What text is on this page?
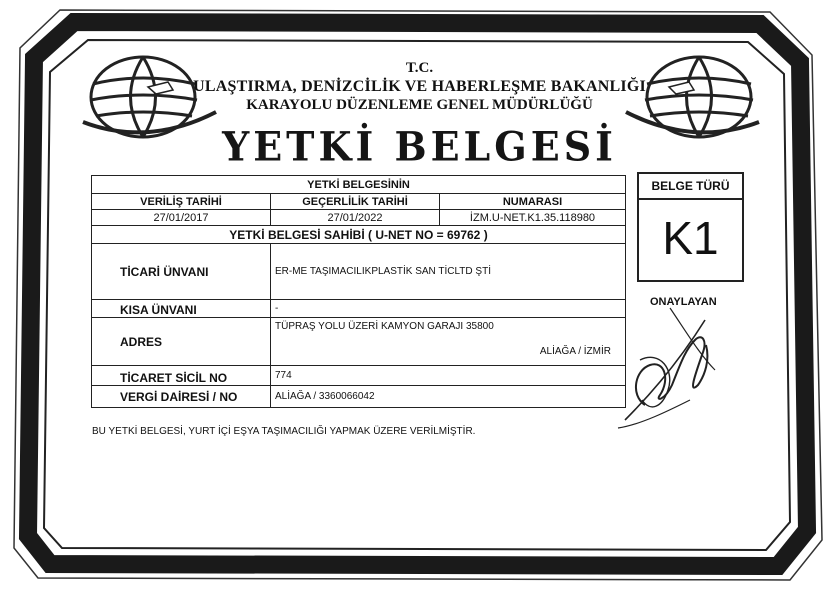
T.C.
ULAŞTIRMA, DENİZCİLİK VE HABERLEŞME BAKANLIĞI
KARAYOLU DÜZENLEME GENEL MÜDÜRLÜĞÜ
YETKİ BELGESİ
YETKİ BELGESİNİN		
VERİLİŞ TARİHİ	GEÇERLİLİK TARİHİ	NUMARASI
27/01/2017	27/01/2022	İZM.U-NET.K1.35.118980
YETKİ BELGESİ SAHİBİ ( U-NET NO = 69762 )		
TİCARİ ÜNVANI	ER-ME TAŞIMACILIKPLASTİK SAN TİCLTD ŞTİ	
KISA ÜNVANI	-	
ADRES	TÜPRAŞ YOLU ÜZERİ KAMYON GARAJI 35800
ALİAĞA / İZMİR	

TİCARET SİCİL NO	774	
VERGİ DAİRESİ / NO	ALİAĞA / 3360066042	
BELGE TÜRÜ
K1
ONAYLAYAN
BU YETKİ BELGESİ, YURT İÇİ EŞYA TAŞIMACILIĞI YAPMAK ÜZERE VERİLMİŞTİR.
